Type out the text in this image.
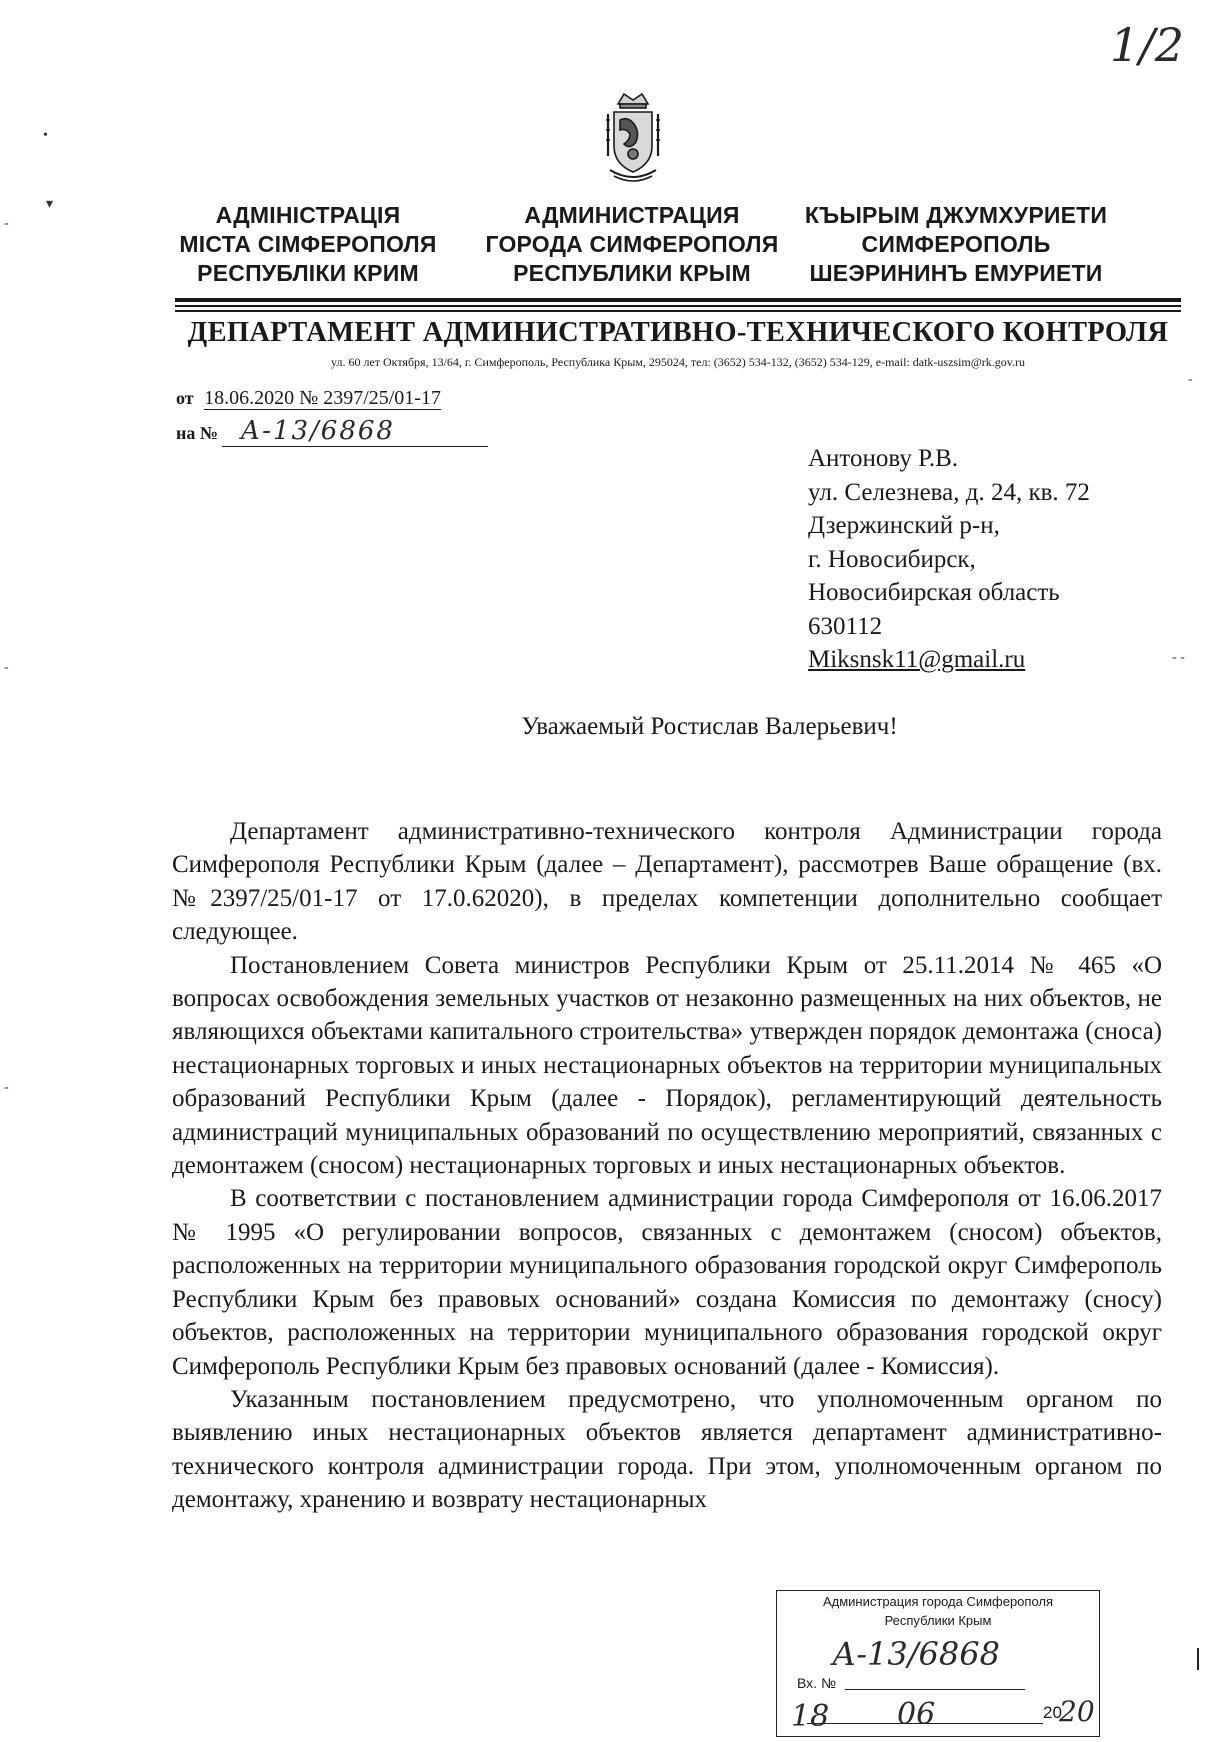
1/2
•
▾
-
-
-
-
- -
АДМІНІСТРАЦІЯ
МІСТА СІМФЕРОПОЛЯ
РЕСПУБЛІКИ КРИМ
АДМИНИСТРАЦИЯ
ГОРОДА СИМФЕРОПОЛЯ
РЕСПУБЛИКИ КРЫМ
КЪЫРЫМ ДЖУМХУРИЕТИ
СИМФЕРОПОЛЬ
ШЕЭРИНИНЪ ЕМУРИЕТИ
ДЕПАРТАМЕНТ АДМИНИСТРАТИВНО-ТЕХНИЧЕСКОГО КОНТРОЛЯ
ул. 60 лет Октября, 13/64, г. Симферополь, Республика Крым, 295024, тел: (3652) 534-132, (3652) 534-129, e-mail: datk-uszsim@rk.gov.ru
от 18.06.2020 № 2397/25/01-17
на № А-13/6868
Антонову Р.В.
ул. Селезнева, д. 24, кв. 72
Дзержинский р-н,
г. Новосибирск,
Новосибирская область
630112
Miksnsk11@gmail.ru
Уважаемый Ростислав Валерьевич!

Департамент административно-технического контроля Администрации города Симферополя Республики Крым (далее – Департамент), рассмотрев Ваше обращение (вх. №2397/25/01-17 от 17.0.62020), в пределах компетенции дополнительно сообщает следующее.

Постановлением Совета министров Республики Крым от 25.11.2014 № 465 «О вопросах освобождения земельных участков от незаконно размещенных на них объектов, не являющихся объектами капитального строительства» утвержден порядок демонтажа (сноса) нестационарных торговых и иных нестационарных объектов на территории муниципальных образований Республики Крым (далее - Порядок), регламентирующий деятельность администраций муниципальных образований по осуществлению мероприятий, связанных с демонтажем (сносом) нестационарных торговых и иных нестационарных объектов.

В соответствии с постановлением администрации города Симферополя от 16.06.2017 № 1995 «О регулировании вопросов, связанных с демонтажем (сносом) объектов, расположенных на территории муниципального образования городской округ Симферополь Республики Крым без правовых оснований» создана Комиссия по демонтажу (сносу) объектов, расположенных на территории муниципального образования городской округ Симферополь Республики Крым без правовых оснований (далее - Комиссия).

Указанным постановлением предусмотрено, что уполномоченным органом по выявлению иных нестационарных объектов является департамент административно-технического контроля администрации города. При этом, уполномоченным органом по демонтажу, хранению и возврату нестационарных

Администрация города Симферополя
Республики Крым
А-13/6868
Вх. №
18 06	20
20
